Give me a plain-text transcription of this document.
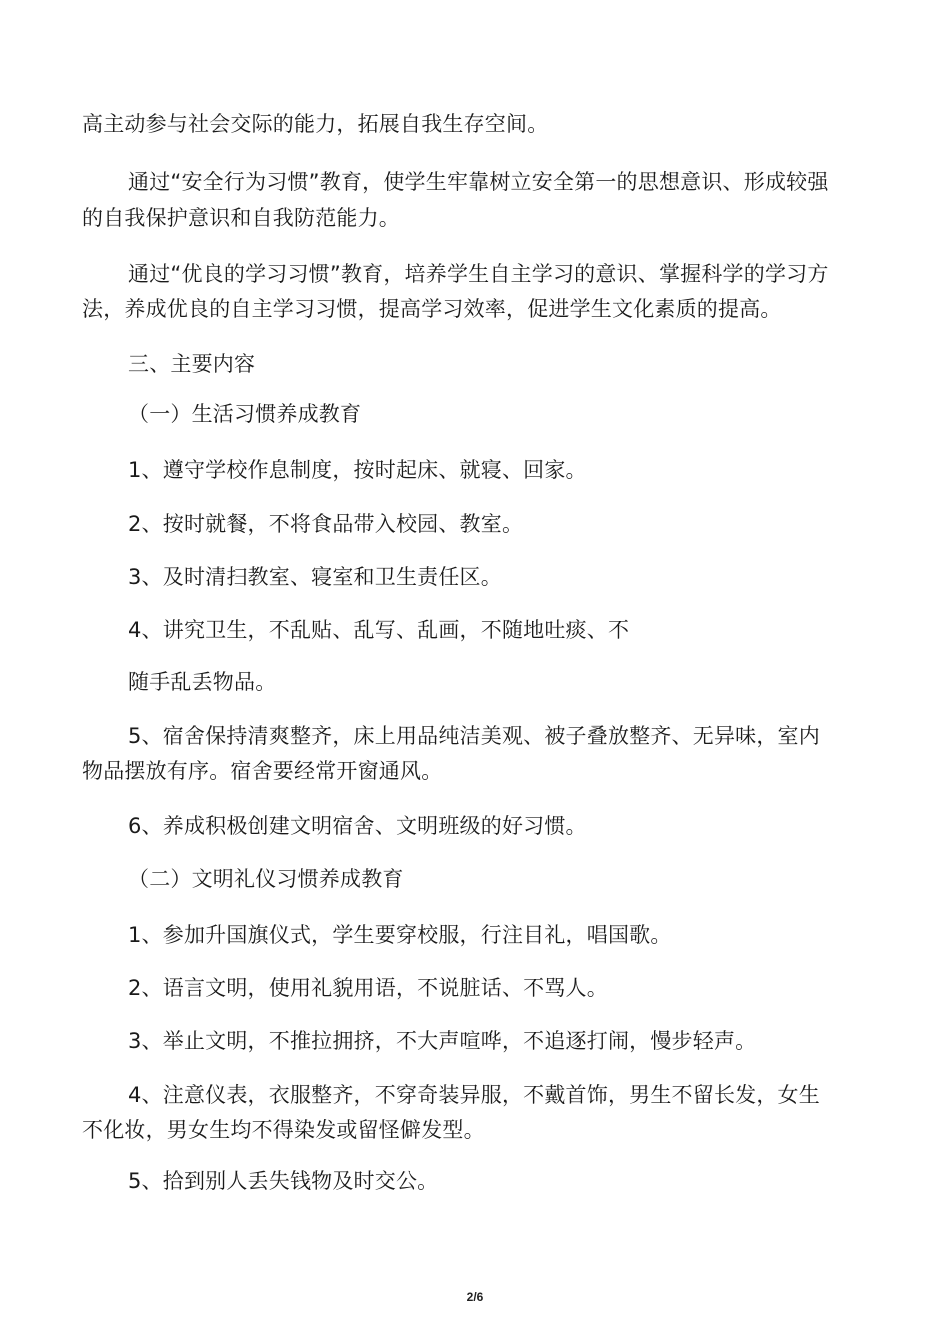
高主动参与社会交际的能力，拓展自我生存空间。
通过“安全行为习惯”教育，使学生牢靠树立安全第一的思想意识、形成较强
的自我保护意识和自我防范能力。
通过“优良的学习习惯”教育，培养学生自主学习的意识、掌握科学的学习方
法，养成优良的自主学习习惯，提高学习效率，促进学生文化素质的提高。
三、主要内容
（一）生活习惯养成教育
1、遵守学校作息制度，按时起床、就寝、回家。
2、按时就餐，不将食品带入校园、教室。
3、及时清扫教室、寝室和卫生责任区。
4、讲究卫生，不乱贴、乱写、乱画，不随地吐痰、不
随手乱丢物品。
5、宿舍保持清爽整齐，床上用品纯洁美观、被子叠放整齐、无异味，室内
物品摆放有序。宿舍要经常开窗通风。
6、养成积极创建文明宿舍、文明班级的好习惯。
（二）文明礼仪习惯养成教育
1、参加升国旗仪式，学生要穿校服，行注目礼，唱国歌。
2、语言文明，使用礼貌用语，不说脏话、不骂人。
3、举止文明，不推拉拥挤，不大声喧哗，不追逐打闹，慢步轻声。
4、注意仪表，衣服整齐，不穿奇装异服，不戴首饰，男生不留长发，女生
不化妆，男女生均不得染发或留怪僻发型。
5、拾到别人丢失钱物及时交公。
2/6
